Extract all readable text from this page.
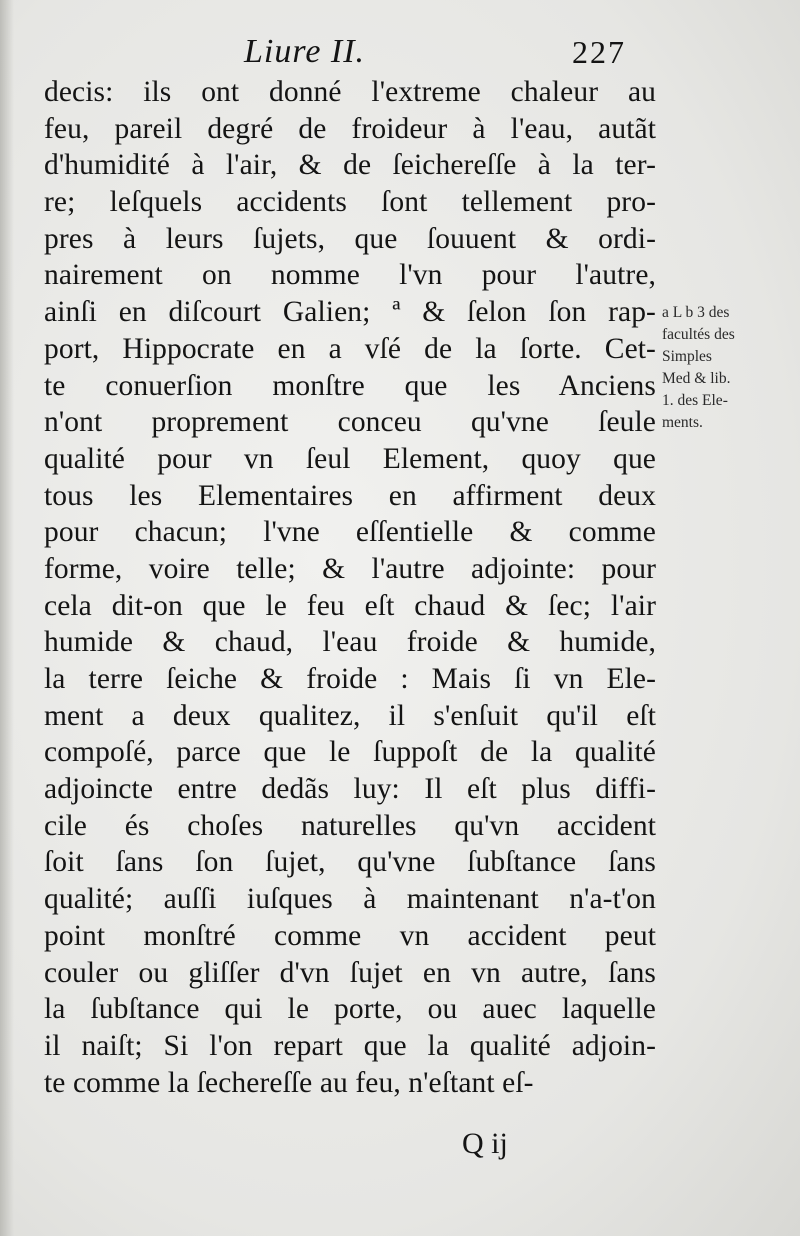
Liure II.	227
decis: ils ont donné l'extreme chaleur au
feu, pareil degré de froideur à l'eau, autãt
d'humidité à l'air, & de ſeichereſſe à la ter-
re; leſquels accidents ſont tellement pro-
pres à leurs ſujets, que ſouuent & ordi-
nairement on nomme l'vn pour l'autre,
ainſi en diſcourt Galien; ª & ſelon ſon rap-
port, Hippocrate en a vſé de la ſorte. Cet-
te conuerſion monſtre que les Anciens
n'ont proprement conceu qu'vne ſeule
qualité pour vn ſeul Element, quoy que
tous les Elementaires en affirment deux
pour chacun; l'vne eſſentielle & comme
forme, voire telle; & l'autre adjointe: pour
cela dit-on que le feu eſt chaud & ſec; l'air
humide & chaud, l'eau froide & humide,
la terre ſeiche & froide : Mais ſi vn Ele-
ment a deux qualitez, il s'enſuit qu'il eſt
compoſé, parce que le ſuppoſt de la qualité
adjoincte entre dedãs luy: Il eſt plus diffi-
cile és choſes naturelles qu'vn accident
ſoit ſans ſon ſujet, qu'vne ſubſtance ſans
qualité; auſſi iuſques à maintenant n'a-t'on
point monſtré comme vn accident peut
couler ou gliſſer d'vn ſujet en vn autre, ſans
la ſubſtance qui le porte, ou auec laquelle
il naiſt; Si l'on repart que la qualité adjoin-
te comme la ſechereſſe au feu, n'eſtant eſ-
a L b 3 des
facultés des
Simples
Med & lib.
1. des Ele-
ments.
Q ij
